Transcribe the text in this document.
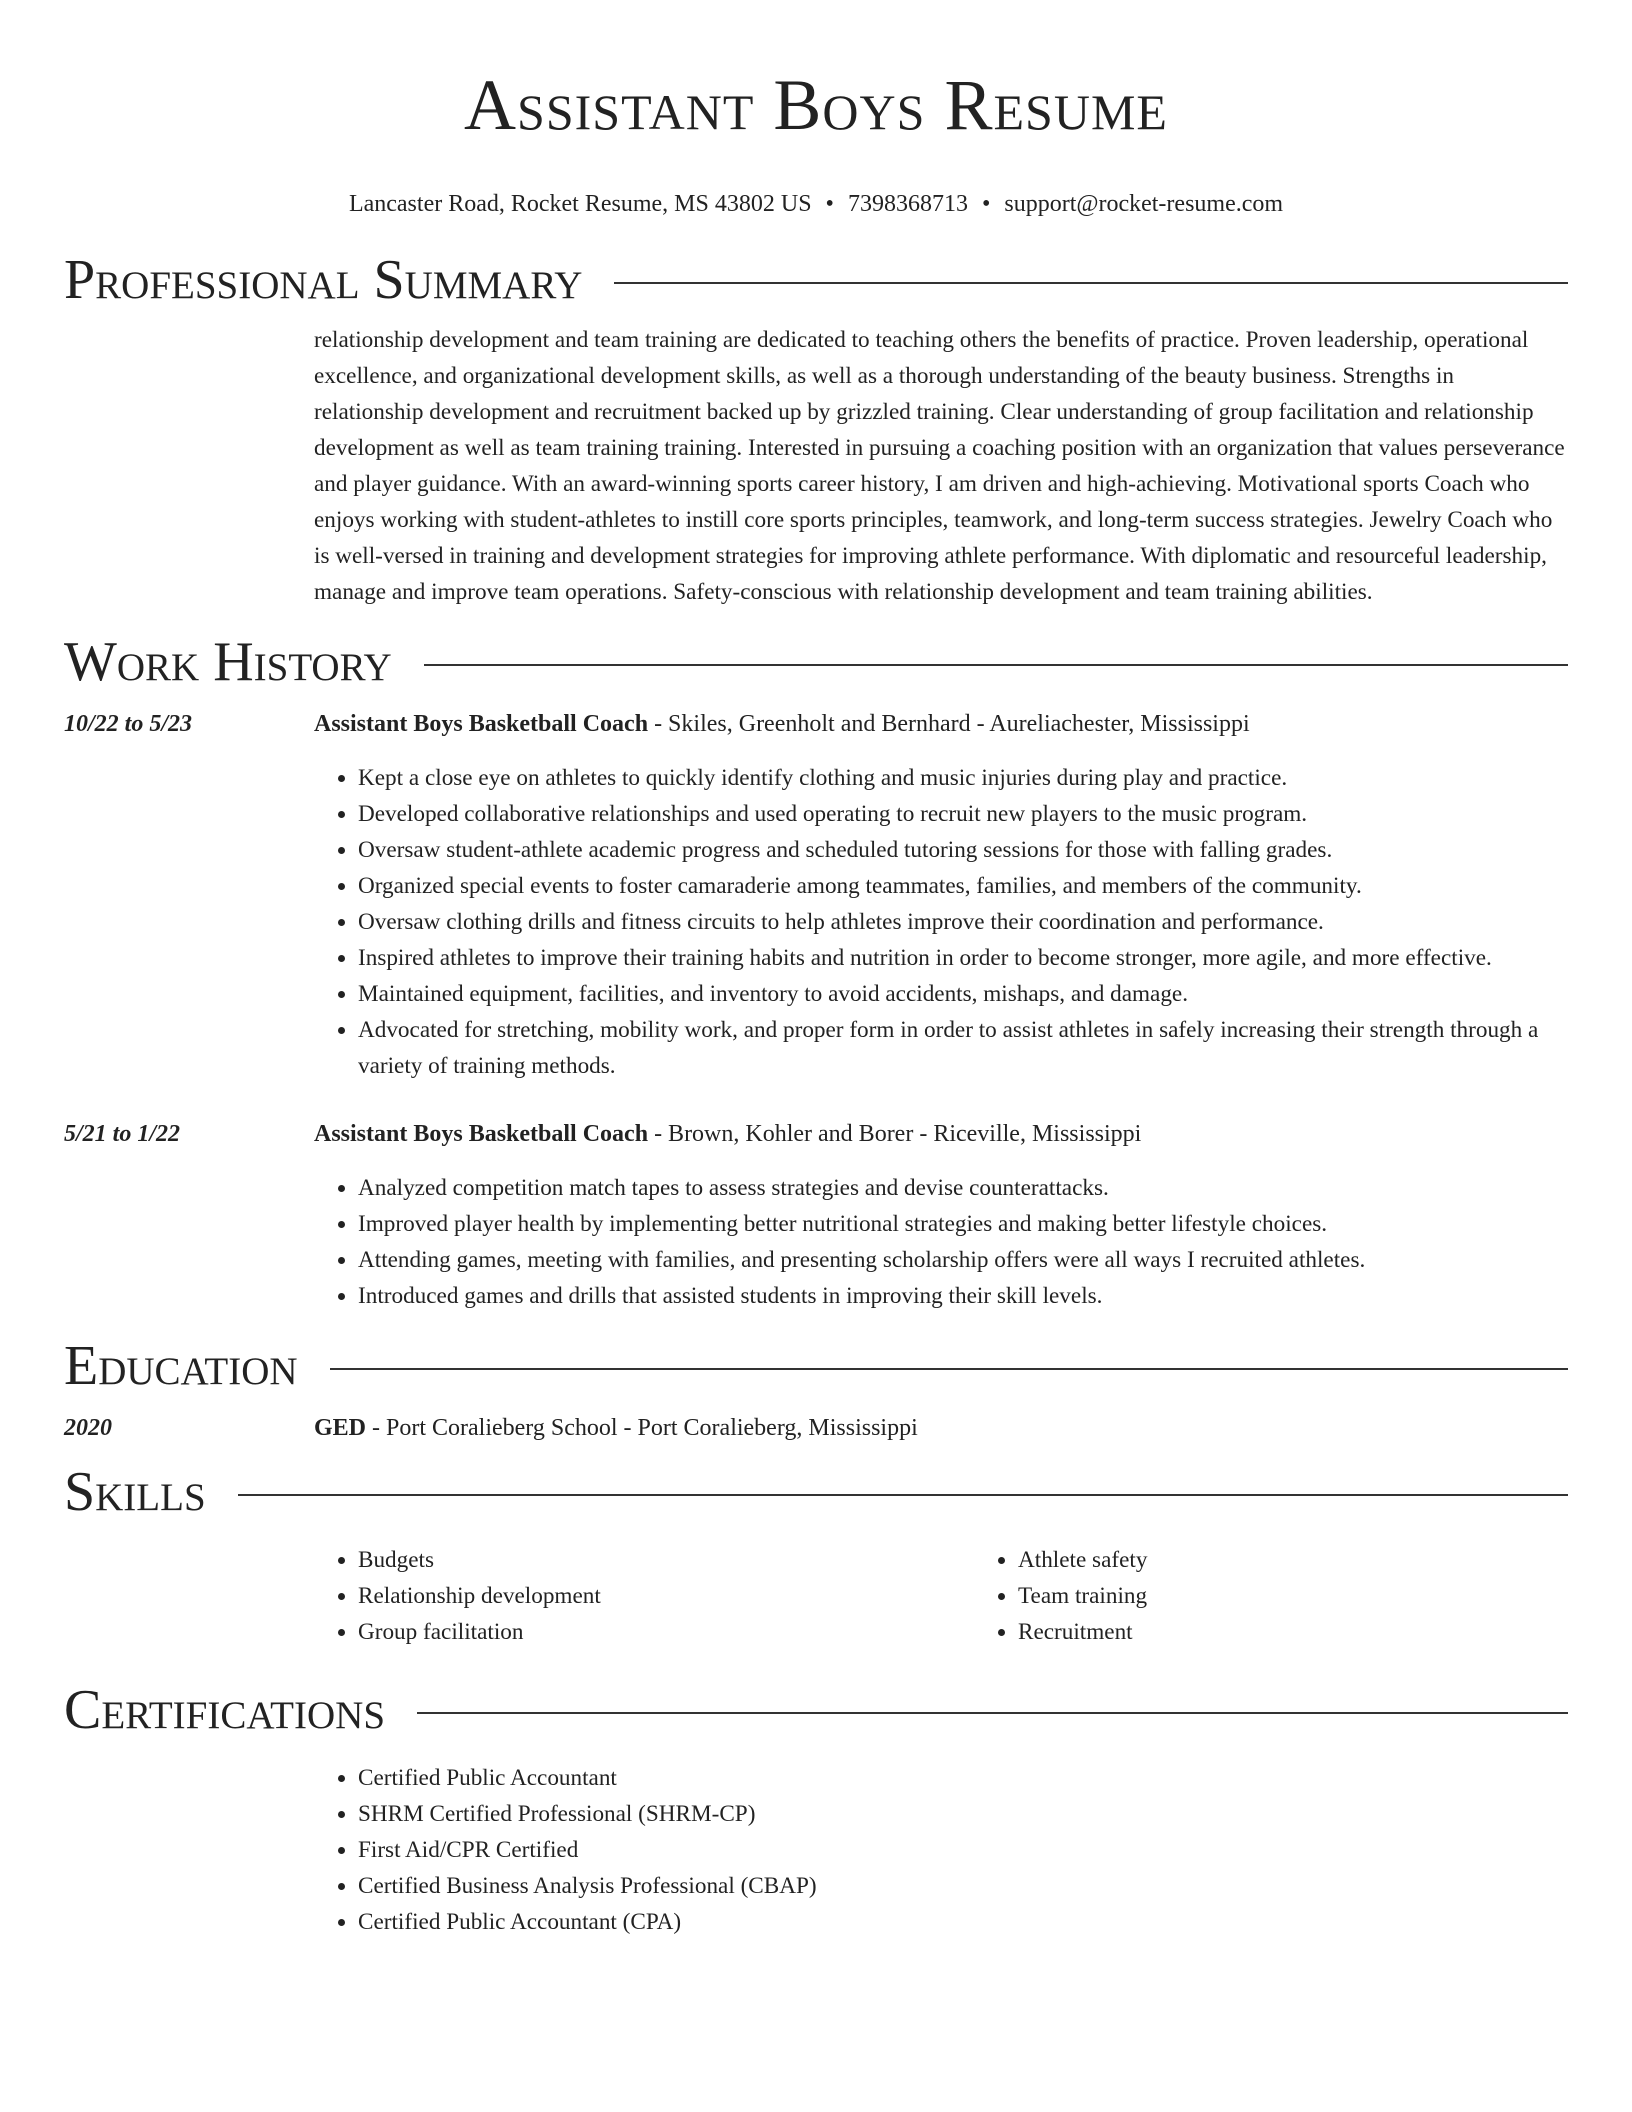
Assistant Boys Resume
Lancaster Road, Rocket Resume, MS 43802 US • 7398368713 • support@rocket-resume.com
Professional Summary
relationship development and team training are dedicated to teaching others the benefits of practice. Proven leadership, operational excellence, and organizational development skills, as well as a thorough understanding of the beauty business. Strengths in relationship development and recruitment backed up by grizzled training. Clear understanding of group facilitation and relationship development as well as team training training. Interested in pursuing a coaching position with an organization that values perseverance and player guidance. With an award-winning sports career history, I am driven and high-achieving. Motivational sports Coach who enjoys working with student-athletes to instill core sports principles, teamwork, and long-term success strategies. Jewelry Coach who is well-versed in training and development strategies for improving athlete performance. With diplomatic and resourceful leadership, manage and improve team operations. Safety-conscious with relationship development and team training abilities.
Work History
10/22 to 5/23	Assistant Boys Basketball Coach - Skiles, Greenholt and Bernhard - Aureliachester, Mississippi
• Kept a close eye on athletes to quickly identify clothing and music injuries during play and practice.
• Developed collaborative relationships and used operating to recruit new players to the music program.
• Oversaw student-athlete academic progress and scheduled tutoring sessions for those with falling grades.
• Organized special events to foster camaraderie among teammates, families, and members of the community.
• Oversaw clothing drills and fitness circuits to help athletes improve their coordination and performance.
• Inspired athletes to improve their training habits and nutrition in order to become stronger, more agile, and more effective.
• Maintained equipment, facilities, and inventory to avoid accidents, mishaps, and damage.
• Advocated for stretching, mobility work, and proper form in order to assist athletes in safely increasing their strength through a variety of training methods.
5/21 to 1/22	Assistant Boys Basketball Coach - Brown, Kohler and Borer - Riceville, Mississippi
• Analyzed competition match tapes to assess strategies and devise counterattacks.
• Improved player health by implementing better nutritional strategies and making better lifestyle choices.
• Attending games, meeting with families, and presenting scholarship offers were all ways I recruited athletes.
• Introduced games and drills that assisted students in improving their skill levels.
Education
2020	GED - Port Coralieberg School - Port Coralieberg, Mississippi
Skills
• Budgets
• Relationship development
• Group facilitation
• Athlete safety
• Team training
• Recruitment
Certifications
• Certified Public Accountant
• SHRM Certified Professional (SHRM-CP)
• First Aid/CPR Certified
• Certified Business Analysis Professional (CBAP)
• Certified Public Accountant (CPA)
